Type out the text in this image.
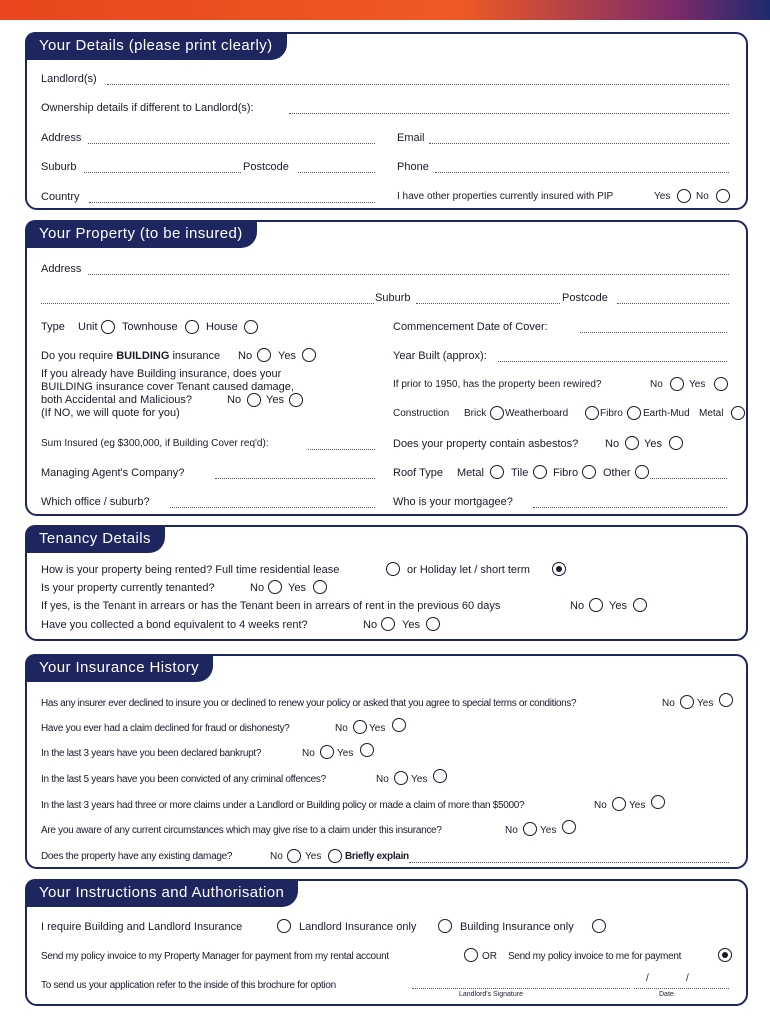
Your Details (please print clearly)
Landlord(s)
Ownership details if different to Landlord(s):
Address	Email
Suburb	Postcode	Phone
Country	I have other properties currently insured with PIP	Yes	No
Your Property (to be insured)
Address
Suburb	Postcode
Type Unit Townhouse	House	Commencement Date of Cover:
Do you require BUILDING insurance No Yes	Year Built (approx):
If you already have Building insurance, does your
BUILDING insurance cover Tenant caused damage,
both Accidental and Malicious?	No Yes
(If NO, we will quote for you)
If prior to 1950, has the property been rewired?	No	Yes
Construction Brick Weatherboard	Fibro Earth-Mud Metal
Sum Insured (eg $300,000, if Building Cover req'd):	Does your property contain asbestos? No Yes
Managing Agent's Company?	Roof Type Metal Tile Fibro Other
Which office / suburb?	Who is your mortgagee?
Tenancy Details
How is your property being rented? Full time residential lease	or Holiday let / short term
Is your property currently tenanted?	No Yes
If yes, is the Tenant in arrears or has the Tenant been in arrears of rent in the previous 60 days	No Yes
Have you collected a bond equivalent to 4 weeks rent?	No Yes
Your Insurance History
Has any insurer ever declined to insure you or declined to renew your policy or asked that you agree to special terms or conditions?	No Yes
Have you ever had a claim declined for fraud or dishonesty?	No Yes
In the last 3 years have you been declared bankrupt?	No Yes
In the last 5 years have you been convicted of any criminal offences?	No Yes
In the last 3 years had three or more claims under a Landlord or Building policy or made a claim of more than $5000?	No Yes
Are you aware of any current circumstances which may give rise to a claim under this insurance?	No Yes
Does the property have any existing damage?	No Yes Briefly explain
Your Instructions and Authorisation
I require Building and Landlord Insurance	Landlord Insurance only	Building Insurance only
Send my policy invoice to my Property Manager for payment from my rental account	OR Send my policy invoice to me for payment
To send us your application refer to the inside of this brochure for option
/	/
Landlord's Signature	Date
